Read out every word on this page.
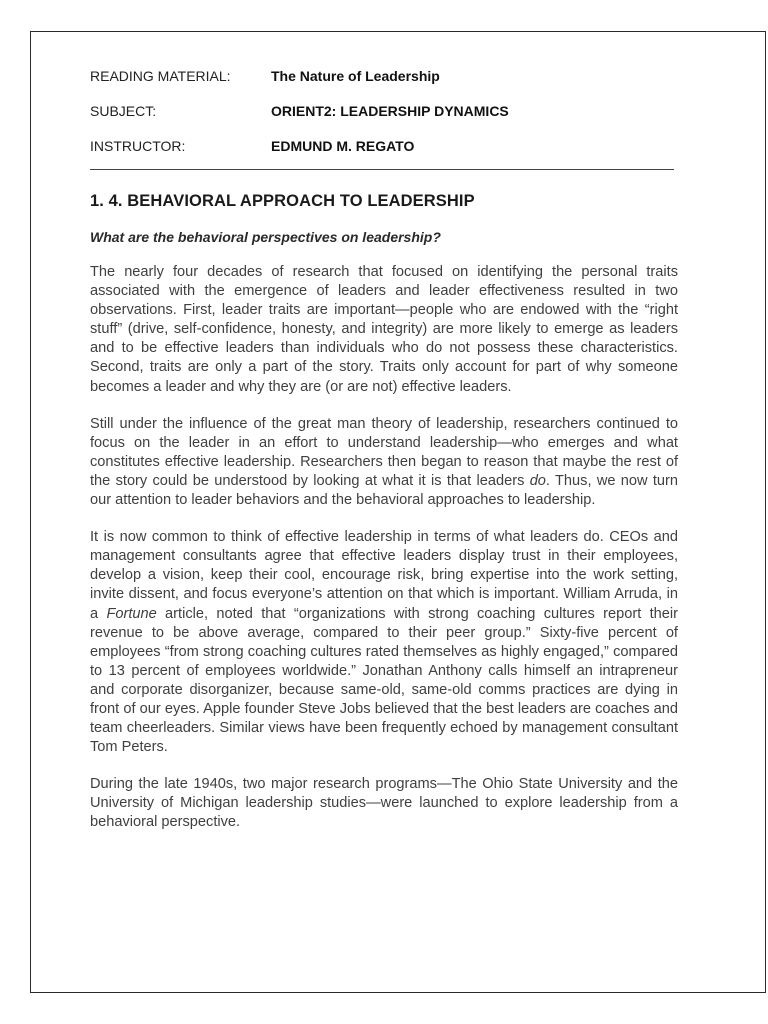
READING MATERIAL:	The Nature of Leadership
SUBJECT:	ORIENT2: LEADERSHIP DYNAMICS
INSTRUCTOR:	EDMUND M. REGATO
1. 4. BEHAVIORAL APPROACH TO LEADERSHIP
What are the behavioral perspectives on leadership?

The nearly four decades of research that focused on identifying the personal traits associated with the emergence of leaders and leader effectiveness resulted in two observations. First, leader traits are important—people who are endowed with the “right stuff” (drive, self-confidence, honesty, and integrity) are more likely to emerge as leaders and to be effective leaders than individuals who do not possess these characteristics. Second, traits are only a part of the story. Traits only account for part of why someone becomes a leader and why they are (or are not) effective leaders.

Still under the influence of the great man theory of leadership, researchers continued to focus on the leader in an effort to understand leadership—who emerges and what constitutes effective leadership. Researchers then began to reason that maybe the rest of the story could be understood by looking at what it is that leaders do. Thus, we now turn our attention to leader behaviors and the behavioral approaches to leadership.

It is now common to think of effective leadership in terms of what leaders do. CEOs and management consultants agree that effective leaders display trust in their employees, develop a vision, keep their cool, encourage risk, bring expertise into the work setting, invite dissent, and focus everyone’s attention on that which is important. William Arruda, in a Fortune article, noted that “organizations with strong coaching cultures report their revenue to be above average, compared to their peer group.” Sixty-five percent of employees “from strong coaching cultures rated themselves as highly engaged,” compared to 13 percent of employees worldwide.” Jonathan Anthony calls himself an intrapreneur and corporate disorganizer, because same-old, same-old comms practices are dying in front of our eyes. Apple founder Steve Jobs believed that the best leaders are coaches and team cheerleaders. Similar views have been frequently echoed by management consultant Tom Peters.

During the late 1940s, two major research programs—The Ohio State University and the University of Michigan leadership studies—were launched to explore leadership from a behavioral perspective.
